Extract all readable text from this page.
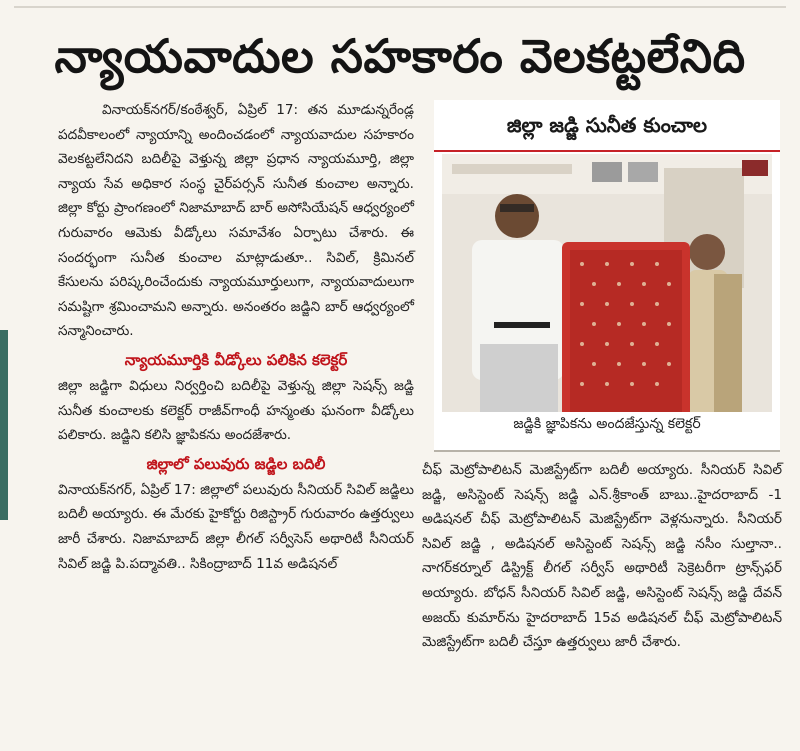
న్యాయవాదుల సహకారం వెలకట్టలేనిది

వినాయక్‌నగర్/కంఠేశ్వర్, ఏప్రిల్ 17: తన మూడున్నరేండ్ల పదవీకాలంలో న్యాయాన్ని అందించడంలో న్యాయవాదుల సహకారం వెలకట్టలేనిదని బదిలీపై వెళ్తున్న జిల్లా ప్రధాన న్యాయమూర్తి, జిల్లా న్యాయ సేవ అధికార సంస్థ చైర్‌పర్సన్ సునీత కుంచాల అన్నారు. జిల్లా కోర్టు ప్రాంగణంలో నిజామాబాద్ బార్ అసోసియేషన్ ఆధ్వర్యంలో గురువారం ఆమెకు వీడ్కోలు సమావేశం ఏర్పాటు చేశారు. ఈ సందర్భంగా సునీత కుంచాల మాట్లాడుతూ.. సివిల్, క్రిమినల్ కేసులను పరిష్కరించేందుకు న్యాయమూర్తులుగా, న్యాయవాదులుగా సమష్టిగా శ్రమించామని అన్నారు. అనంతరం జడ్జిని బార్ ఆధ్వర్యంలో సన్మానించారు.

న్యాయమూర్తికి వీడ్కోలు పలికిన కలెక్టర్

జిల్లా జడ్జిగా విధులు నిర్వర్తించి బదిలీపై వెళ్తున్న జిల్లా సెషన్స్ జడ్జి సునీత కుంచాలకు కలెక్టర్ రాజీవ్‌గాంధీ హన్మంతు ఘనంగా వీడ్కోలు పలికారు. జడ్జిని కలిసి జ్ఞాపికను అందజేశారు.

జిల్లాలో పలువురు జడ్జిల బదిలీ

వినాయక్‌నగర్, ఏప్రిల్ 17: జిల్లాలో పలువురు సీనియర్ సివిల్ జడ్జిలు బదిలీ అయ్యారు. ఈ మేరకు హైకోర్టు రిజిస్ట్రార్ గురువారం ఉత్తర్వులు జారీ చేశారు. నిజామాబాద్ జిల్లా లీగల్ సర్వీసెస్ అథారిటీ సీనియర్ సివిల్ జడ్జి పి.పద్మావతి.. సికింద్రాబాద్ 11వ అడిషనల్

జిల్లా జడ్జి సునీత కుంచాల
జడ్జికి జ్ఞాపికను అందజేస్తున్న కలెక్టర్

చీఫ్ మెట్రోపాలిటన్ మెజిస్ట్రేట్‌గా బదిలీ అయ్యారు. సీనియర్ సివిల్ జడ్జి, అసిస్టెంట్ సెషన్స్ జడ్జి ఎన్.శ్రీకాంత్ బాబు..హైదరాబాద్ -1 అడిషనల్ చీఫ్ మెట్రోపాలిటన్ మెజిస్ట్రేట్‌గా వెళ్లనున్నారు. సీనియర్ సివిల్ జడ్జి , అడిషనల్ అసిస్టెంట్ సెషన్స్ జడ్జి నసీం సుల్తానా.. నాగర్‌కర్నూల్ డిస్ట్రిక్ట్ లీగల్ సర్వీస్ అథారిటీ సెక్రెటరీగా ట్రాన్స్‌ఫర్ అయ్యారు. బోధన్ సీనియర్ సివిల్ జడ్జి, అసిస్టెంట్ సెషన్స్ జడ్జి దేవన్ అజయ్ కుమార్‌ను హైదరాబాద్ 15వ అడిషనల్ చీఫ్ మెట్రోపాలిటన్ మెజిస్ట్రేట్‌గా బదిలీ చేస్తూ ఉత్తర్వులు జారీ చేశారు.
